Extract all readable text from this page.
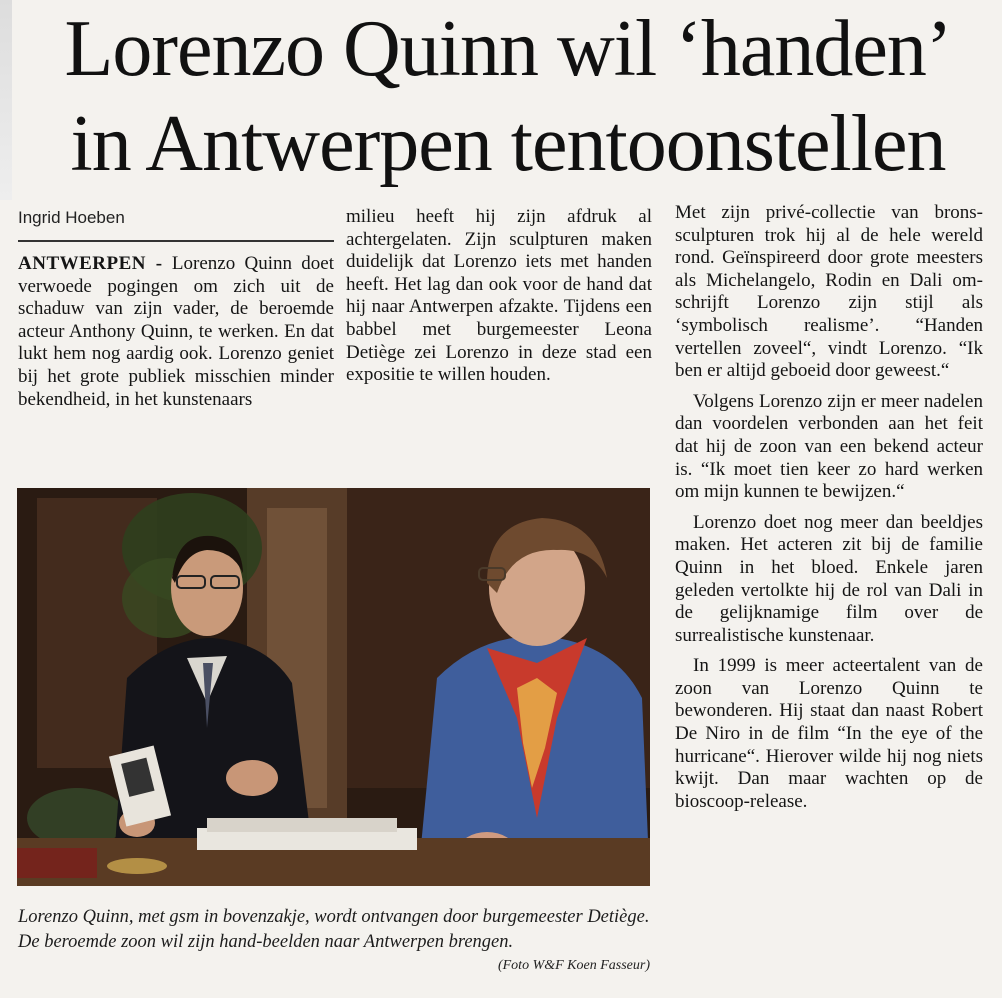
Lorenzo Quinn wil ‘handen’
in Antwerpen tentoonstellen
Ingrid Hoeben

ANTWERPEN - Lorenzo Quinn doet verwoede pogingen om zich uit de schaduw van zijn vader, de beroemde acteur Anthony Quinn, te werken. En dat lukt hem nog aardig ook. Lorenzo geniet bij het grote publiek misschien minder bekendheid, in het kunstenaars

milieu heeft hij zijn afdruk al achtergelaten. Zijn sculpturen maken duidelijk dat Lorenzo iets met handen heeft. Het lag dan ook voor de hand dat hij naar Antwerpen afzakte. Tijdens een babbel met burgemeester Leona Detiège zei Lorenzo in deze stad een expositie te willen houden.

Met zijn privé-collectie van brons-sculpturen trok hij al de hele wereld rond. Geïnspireerd door grote meesters als Michelangelo, Rodin en Dali omschrijft Lorenzo zijn stijl als ‘symbolisch realisme’. “Handen vertellen zoveel“, vindt Lorenzo. “Ik ben er altijd geboeid door geweest.“

Volgens Lorenzo zijn er meer nadelen dan voordelen verbonden aan het feit dat hij de zoon van een bekend acteur is. “Ik moet tien keer zo hard werken om mijn kunnen te bewijzen.“

Lorenzo doet nog meer dan beeldjes maken. Het acteren zit bij de familie Quinn in het bloed. Enkele jaren geleden vertolkte hij de rol van Dali in de gelijknamige film over de surrealistische kunstenaar.

In 1999 is meer acteertalent van de zoon van Lorenzo Quinn te bewonderen. Hij staat dan naast Robert De Niro in de film “In the eye of the hurricane“. Hierover wilde hij nog niets kwijt. Dan maar wachten op de bioscoop-release.

Lorenzo Quinn, met gsm in bovenzakje, wordt ontvangen door burgemeester Detiège. De beroemde zoon wil zijn hand-beelden naar Antwerpen brengen.
(Foto W&F Koen Fasseur)
